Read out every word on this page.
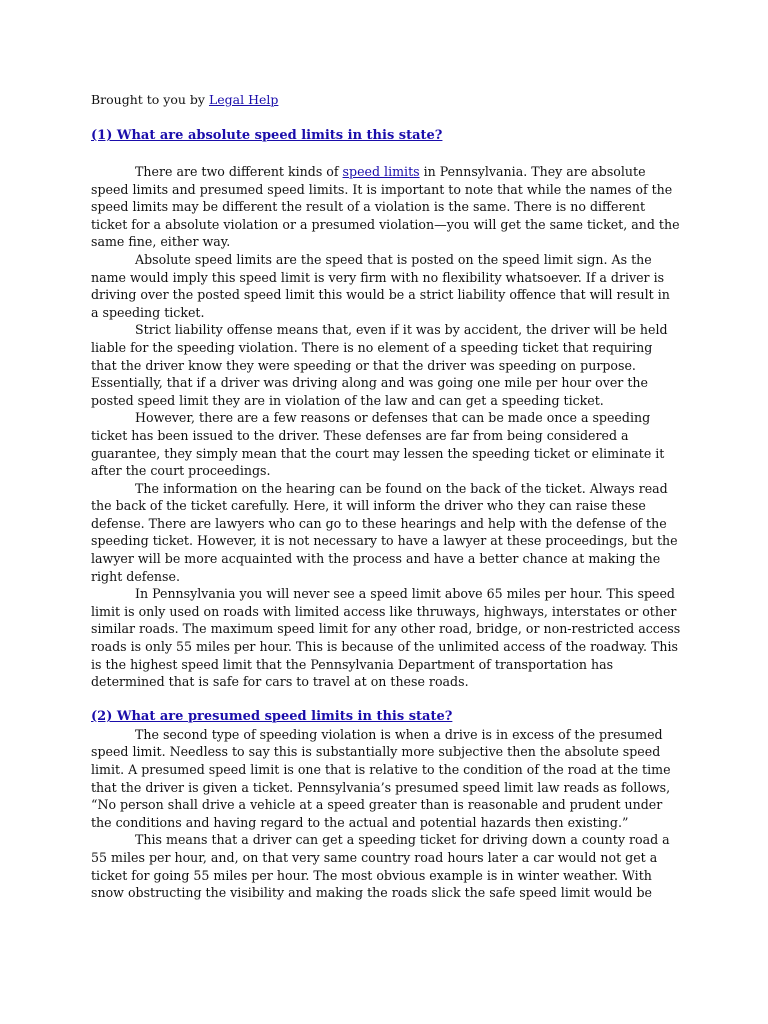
Brought to you by Legal Help
(1) What are absolute speed limits in this state?

There are two different kinds of speed limits in Pennsylvania. They are absolute speed limits and presumed speed limits. It is important to note that while the names of the speed limits may be different the result of a violation is the same. There is no different ticket for a absolute violation or a presumed violation—you will get the same ticket, and the same fine, either way.

Absolute speed limits are the speed that is posted on the speed limit sign. As the name would imply this speed limit is very firm with no flexibility whatsoever. If a driver is driving over the posted speed limit this would be a strict liability offence that will result in a speeding ticket.

Strict liability offense means that, even if it was by accident, the driver will be held liable for the speeding violation. There is no element of a speeding ticket that requiring that the driver know they were speeding or that the driver was speeding on purpose. Essentially, that if a driver was driving along and was going one mile per hour over the posted speed limit they are in violation of the law and can get a speeding ticket.

However, there are a few reasons or defenses that can be made once a speeding ticket has been issued to the driver. These defenses are far from being considered a guarantee, they simply mean that the court may lessen the speeding ticket or eliminate it after the court proceedings.

The information on the hearing can be found on the back of the ticket. Always read the back of the ticket carefully. Here, it will inform the driver who they can raise these defense. There are lawyers who can go to these hearings and help with the defense of the speeding ticket. However, it is not necessary to have a lawyer at these proceedings, but the lawyer will be more acquainted with the process and have a better chance at making the right defense.

In Pennsylvania you will never see a speed limit above 65 miles per hour. This speed limit is only used on roads with limited access like thruways, highways, interstates or other similar roads. The maximum speed limit for any other road, bridge, or non-restricted access roads is only 55 miles per hour. This is because of the unlimited access of the roadway. This is the highest speed limit that the Pennsylvania Department of transportation has determined that is safe for cars to travel at on these roads.

(2) What are presumed speed limits in this state?

The second type of speeding violation is when a drive is in excess of the presumed speed limit. Needless to say this is substantially more subjective then the absolute speed limit. A presumed speed limit is one that is relative to the condition of the road at the time that the driver is given a ticket. Pennsylvania’s presumed speed limit law reads as follows, “No person shall drive a vehicle at a speed greater than is reasonable and prudent under the conditions and having regard to the actual and potential hazards then existing.”

This means that a driver can get a speeding ticket for driving down a county road a 55 miles per hour, and, on that very same country road hours later a car would not get a ticket for going 55 miles per hour. The most obvious example is in winter weather. With snow obstructing the visibility and making the roads slick the safe speed limit would be
